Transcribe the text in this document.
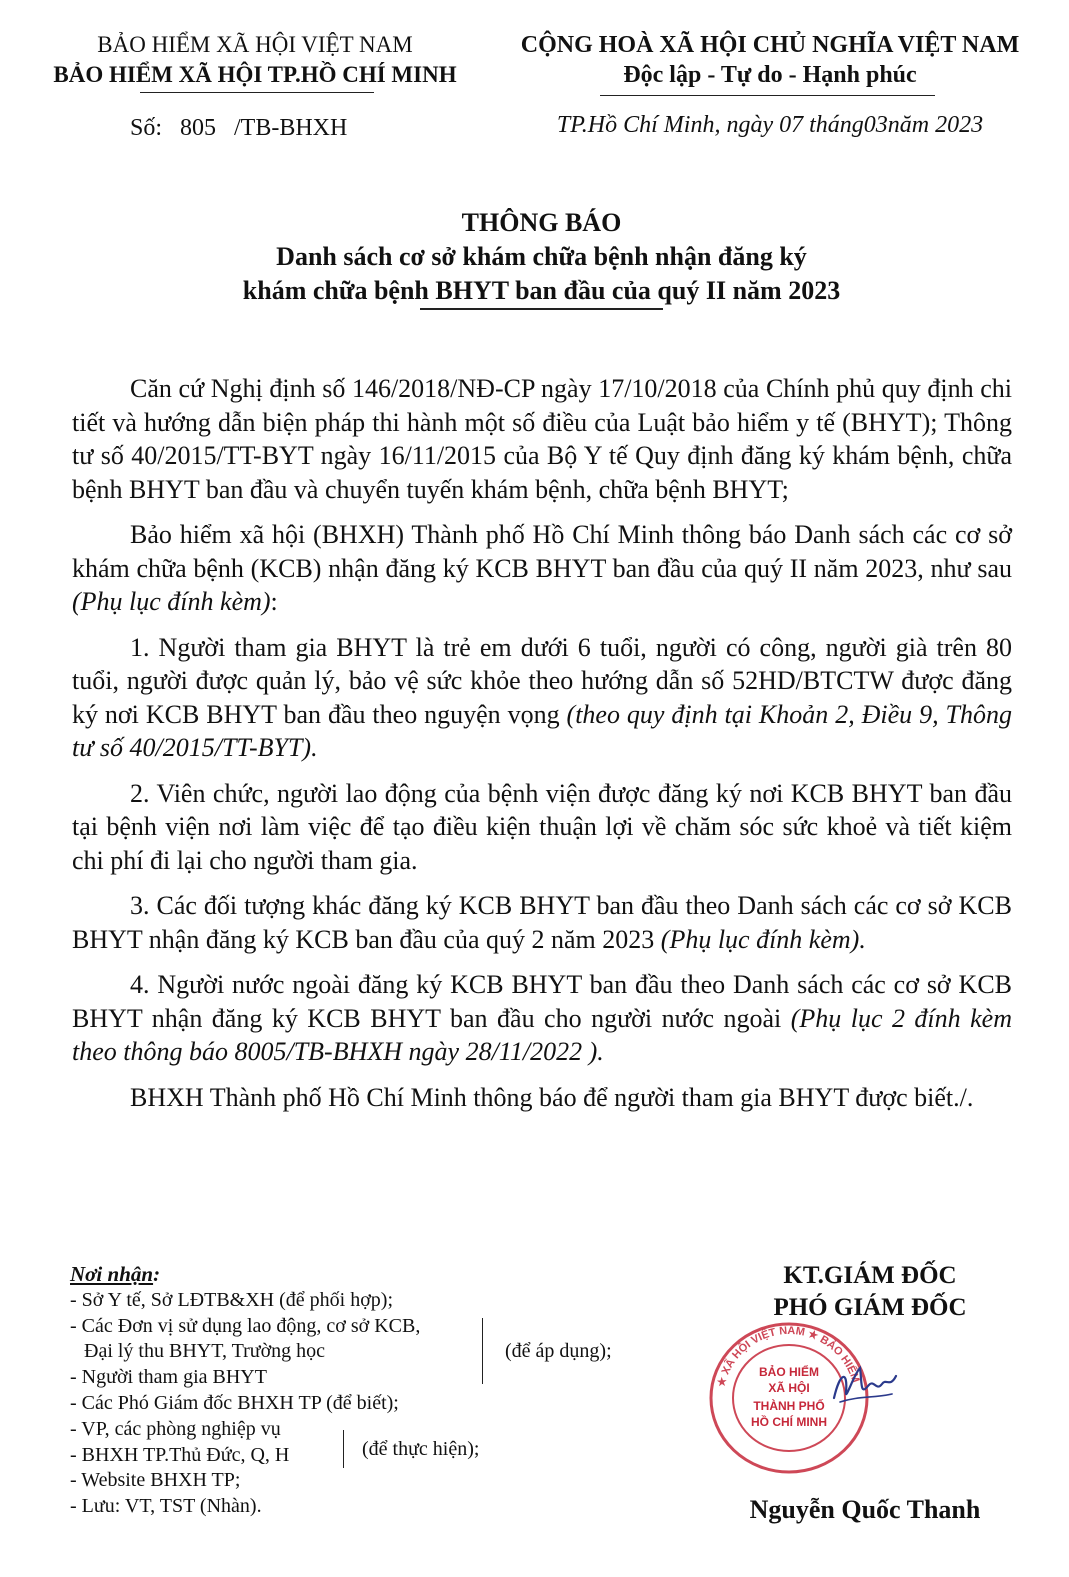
BẢO HIỂM XÃ HỘI VIỆT NAM
BẢO HIỂM XÃ HỘI TP.HỒ CHÍ MINH
CỘNG HOÀ XÃ HỘI CHỦ NGHĨA VIỆT NAM
Độc lập - Tự do - Hạnh phúc
Số: 805 /TB-BHXH	TP.Hồ Chí Minh, ngày 07 tháng03năm 2023
THÔNG BÁO
Danh sách cơ sở khám chữa bệnh nhận đăng ký
khám chữa bệnh BHYT ban đầu của quý II năm 2023

Căn cứ Nghị định số 146/2018/NĐ-CP ngày 17/10/2018 của Chính phủ quy định chi tiết và hướng dẫn biện pháp thi hành một số điều của Luật bảo hiểm y tế (BHYT); Thông tư số 40/2015/TT-BYT ngày 16/11/2015 của Bộ Y tế Quy định đăng ký khám bệnh, chữa bệnh BHYT ban đầu và chuyển tuyến khám bệnh, chữa bệnh BHYT;

Bảo hiểm xã hội (BHXH) Thành phố Hồ Chí Minh thông báo Danh sách các cơ sở khám chữa bệnh (KCB) nhận đăng ký KCB BHYT ban đầu của quý II năm 2023, như sau (Phụ lục đính kèm):

1. Người tham gia BHYT là trẻ em dưới 6 tuổi, người có công, người già trên 80 tuổi, người được quản lý, bảo vệ sức khỏe theo hướng dẫn số 52HD/BTCTW được đăng ký nơi KCB BHYT ban đầu theo nguyện vọng (theo quy định tại Khoản 2, Điều 9, Thông tư số 40/2015/TT-BYT).

2. Viên chức, người lao động của bệnh viện được đăng ký nơi KCB BHYT ban đầu tại bệnh viện nơi làm việc để tạo điều kiện thuận lợi về chăm sóc sức khoẻ và tiết kiệm chi phí đi lại cho người tham gia.

3. Các đối tượng khác đăng ký KCB BHYT ban đầu theo Danh sách các cơ sở KCB BHYT nhận đăng ký KCB ban đầu của quý 2 năm 2023 (Phụ lục đính kèm).

4. Người nước ngoài đăng ký KCB BHYT ban đầu theo Danh sách các cơ sở KCB BHYT nhận đăng ký KCB BHYT ban đầu cho người nước ngoài (Phụ lục 2 đính kèm theo thông báo 8005/TB-BHXH ngày 28/11/2022 ).

BHXH Thành phố Hồ Chí Minh thông báo để người tham gia BHYT được biết./.

Nơi nhận:
- Sở Y tế, Sở LĐTB&XH (để phối hợp);
- Các Đơn vị sử dụng lao động, cơ sở KCB,
Đại lý thu BHYT, Trường học
- Người tham gia BHYT
- Các Phó Giám đốc BHXH TP (để biết);
- VP, các phòng nghiệp vụ
- BHXH TP.Thủ Đức, Q, H
- Website BHXH TP;
- Lưu: VT, TST (Nhàn).
(để áp dụng);
(để thực hiện);
KT.GIÁM ĐỐC
PHÓ GIÁM ĐỐC
★ XÃ HỘI VIỆT NAM ★ BẢO HIỂM
BẢO HIỂM
XÃ HỘI
THÀNH PHỐ
HỒ CHÍ MINH
Nguyễn Quốc Thanh
